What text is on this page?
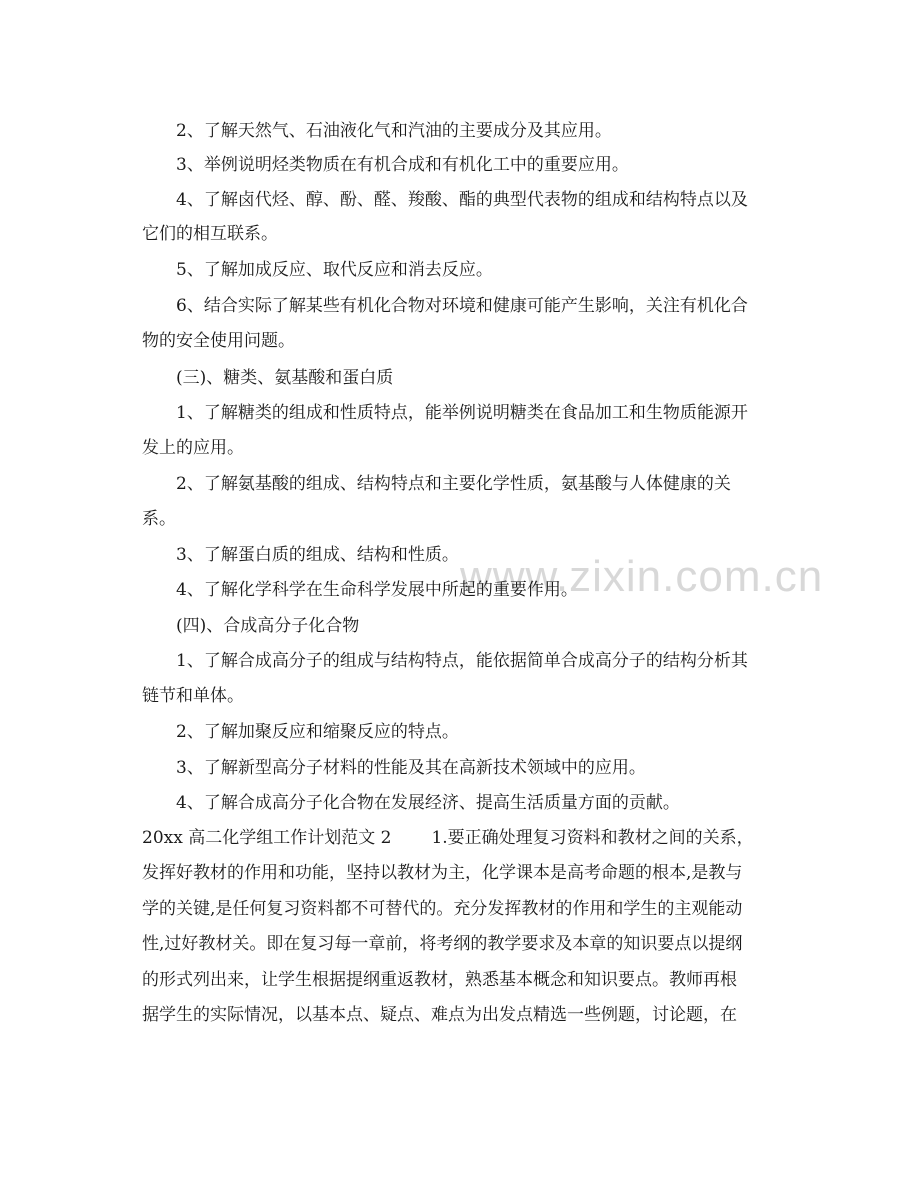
www.zixin.com.cn
2、了解天然气、石油液化气和汽油的主要成分及其应用。
3、举例说明烃类物质在有机合成和有机化工中的重要应用。
4、了解卤代烃、醇、酚、醛、羧酸、酯的典型代表物的组成和结构特点以及
它们的相互联系。
5、了解加成反应、取代反应和消去反应。
6、结合实际了解某些有机化合物对环境和健康可能产生影响，关注有机化合
物的安全使用问题。
(三)、糖类、氨基酸和蛋白质
1、了解糖类的组成和性质特点，能举例说明糖类在食品加工和生物质能源开
发上的应用。
2、了解氨基酸的组成、结构特点和主要化学性质，氨基酸与人体健康的关
系。
3、了解蛋白质的组成、结构和性质。
4、了解化学科学在生命科学发展中所起的重要作用。
(四)、合成高分子化合物
1、了解合成高分子的组成与结构特点，能依据简单合成高分子的结构分析其
链节和单体。
2、了解加聚反应和缩聚反应的特点。
3、了解新型高分子材料的性能及其在高新技术领域中的应用。
4、了解合成高分子化合物在发展经济、提高生活质量方面的贡献。
20xx 高二化学组工作计划范文 2 1.要正确处理复习资料和教材之间的关系，
发挥好教材的作用和功能，坚持以教材为主，化学课本是高考命题的根本,是教与
学的关键,是任何复习资料都不可替代的。充分发挥教材的作用和学生的主观能动
性,过好教材关。即在复习每一章前，将考纲的教学要求及本章的知识要点以提纲
的形式列出来，让学生根据提纲重返教材，熟悉基本概念和知识要点。教师再根
据学生的实际情况，以基本点、疑点、难点为出发点精选一些例题，讨论题，在
